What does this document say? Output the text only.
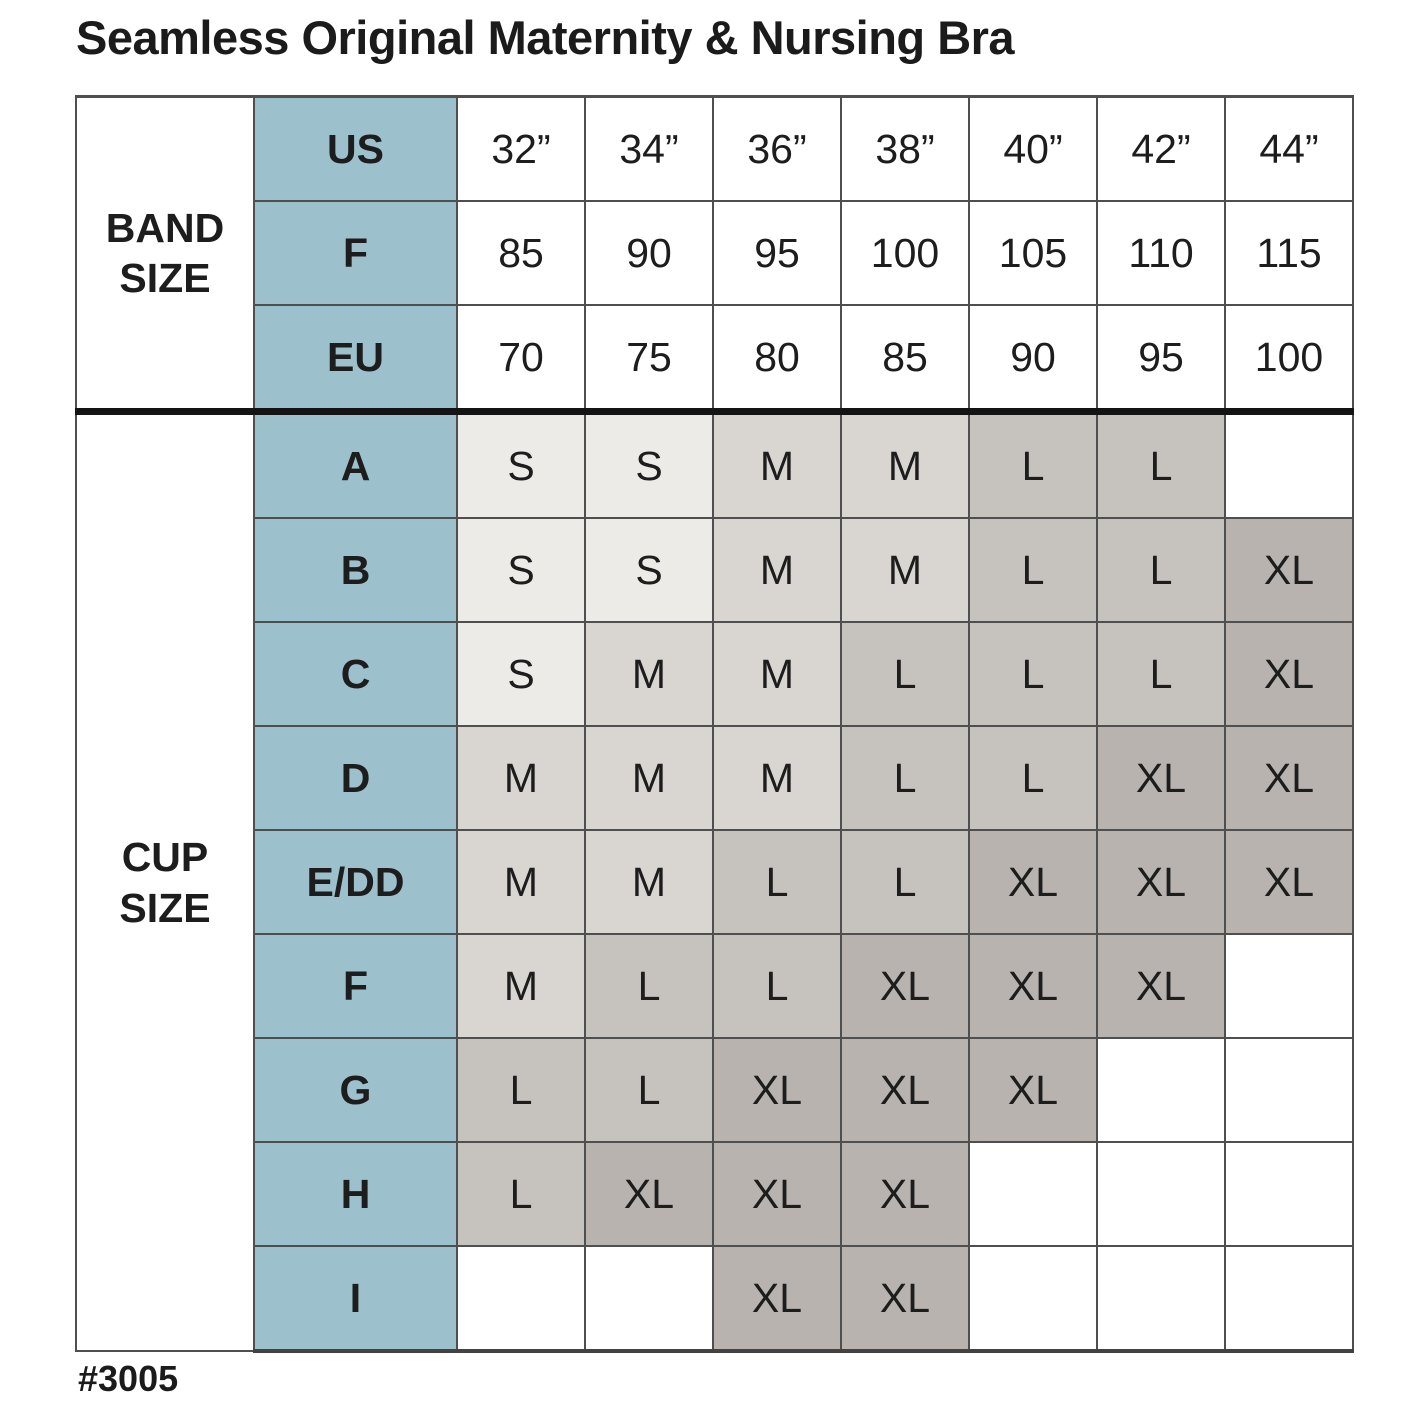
Seamless Original Maternity & Nursing Bra
BAND
SIZE	US	32”	34”	36”	38”	40”	42”	44”
	F	85	90	95	100	105	110	115
	EU	70	75	80	85	90	95	100

CUP
SIZE	A	S	S	M	M	L	L	
	B	S	S	M	M	L	L	XL
	C	S	M	M	L	L	L	XL
	D	M	M	M	L	L	XL	XL
	E/DD	M	M	L	L	XL	XL	XL
	F	M	L	L	XL	XL	XL	
	G	L	L	XL	XL	XL		
	H	L	XL	XL	XL			
	I			XL	XL			
#3005
